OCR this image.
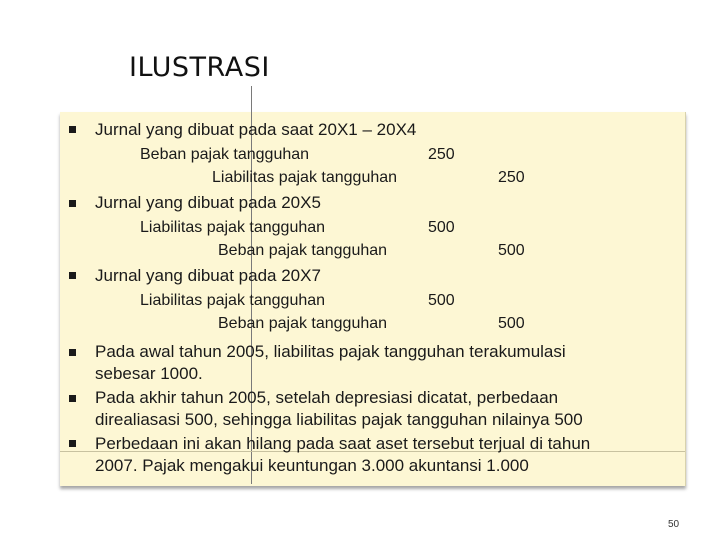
ILUSTRASI
Jurnal yang dibuat pada saat 20X1 – 20X4
Beban pajak tangguhan	250
Liabilitas pajak tangguhan	250
Jurnal yang dibuat pada 20X5
Liabilitas pajak tangguhan	500
Beban pajak tangguhan	500
Jurnal yang dibuat pada 20X7
Liabilitas pajak tangguhan	500
Beban pajak tangguhan	500
Pada awal tahun 2005, liabilitas pajak tangguhan terakumulasi
sebesar 1000.
Pada akhir tahun 2005, setelah depresiasi dicatat, perbedaan
direaliasasi 500, sehingga liabilitas pajak tangguhan nilainya 500
Perbedaan ini akan hilang pada saat aset tersebut terjual di tahun
2007. Pajak mengakui keuntungan 3.000 akuntansi 1.000
50
